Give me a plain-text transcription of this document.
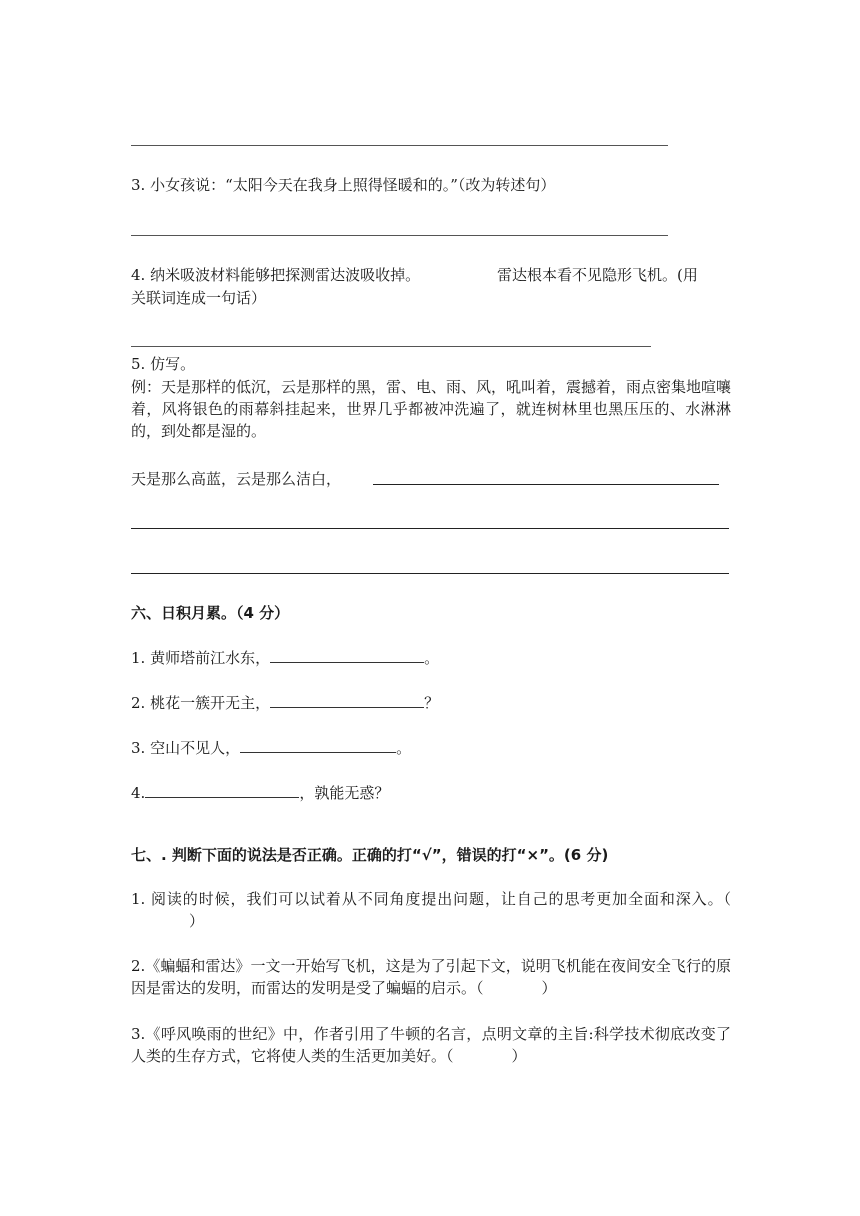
3. 小女孩说：“太阳今天在我身上照得怪暖和的。”（改为转述句）
4. 纳米吸波材料能够把探测雷达波吸收掉。	雷达根本看不见隐形飞机。(用
关联词连成一句话）
5. 仿写。
例：天是那样的低沉，云是那样的黑，雷、电、雨、风，吼叫着，震撼着，雨点密集地喧嚷着，风将银色的雨幕斜挂起来，世界几乎都被冲洗遍了，就连树林里也黑压压的、水淋淋的，到处都是湿的。
天是那么高蓝，云是那么洁白，
六、日积月累。（4 分）
1. 黄师塔前江水东，	。
2. 桃花一簇开无主，	？
3. 空山不见人，	。
4.	，孰能无惑？
七、. 判断下面的说法是否正确。正确的打“√”，错误的打“×”。(6 分)
1. 阅读的时候，我们可以试着从不同角度提出问题，让自己的思考更加全面和深入。（）
2.《蝙蝠和雷达》一文一开始写飞机，这是为了引起下文，说明飞机能在夜间安全飞行的原因是雷达的发明，而雷达的发明是受了蝙蝠的启示。（	）
3.《呼风唤雨的世纪》中，作者引用了牛顿的名言，点明文章的主旨:科学技术彻底改变了人类的生存方式，它将使人类的生活更加美好。（	）
